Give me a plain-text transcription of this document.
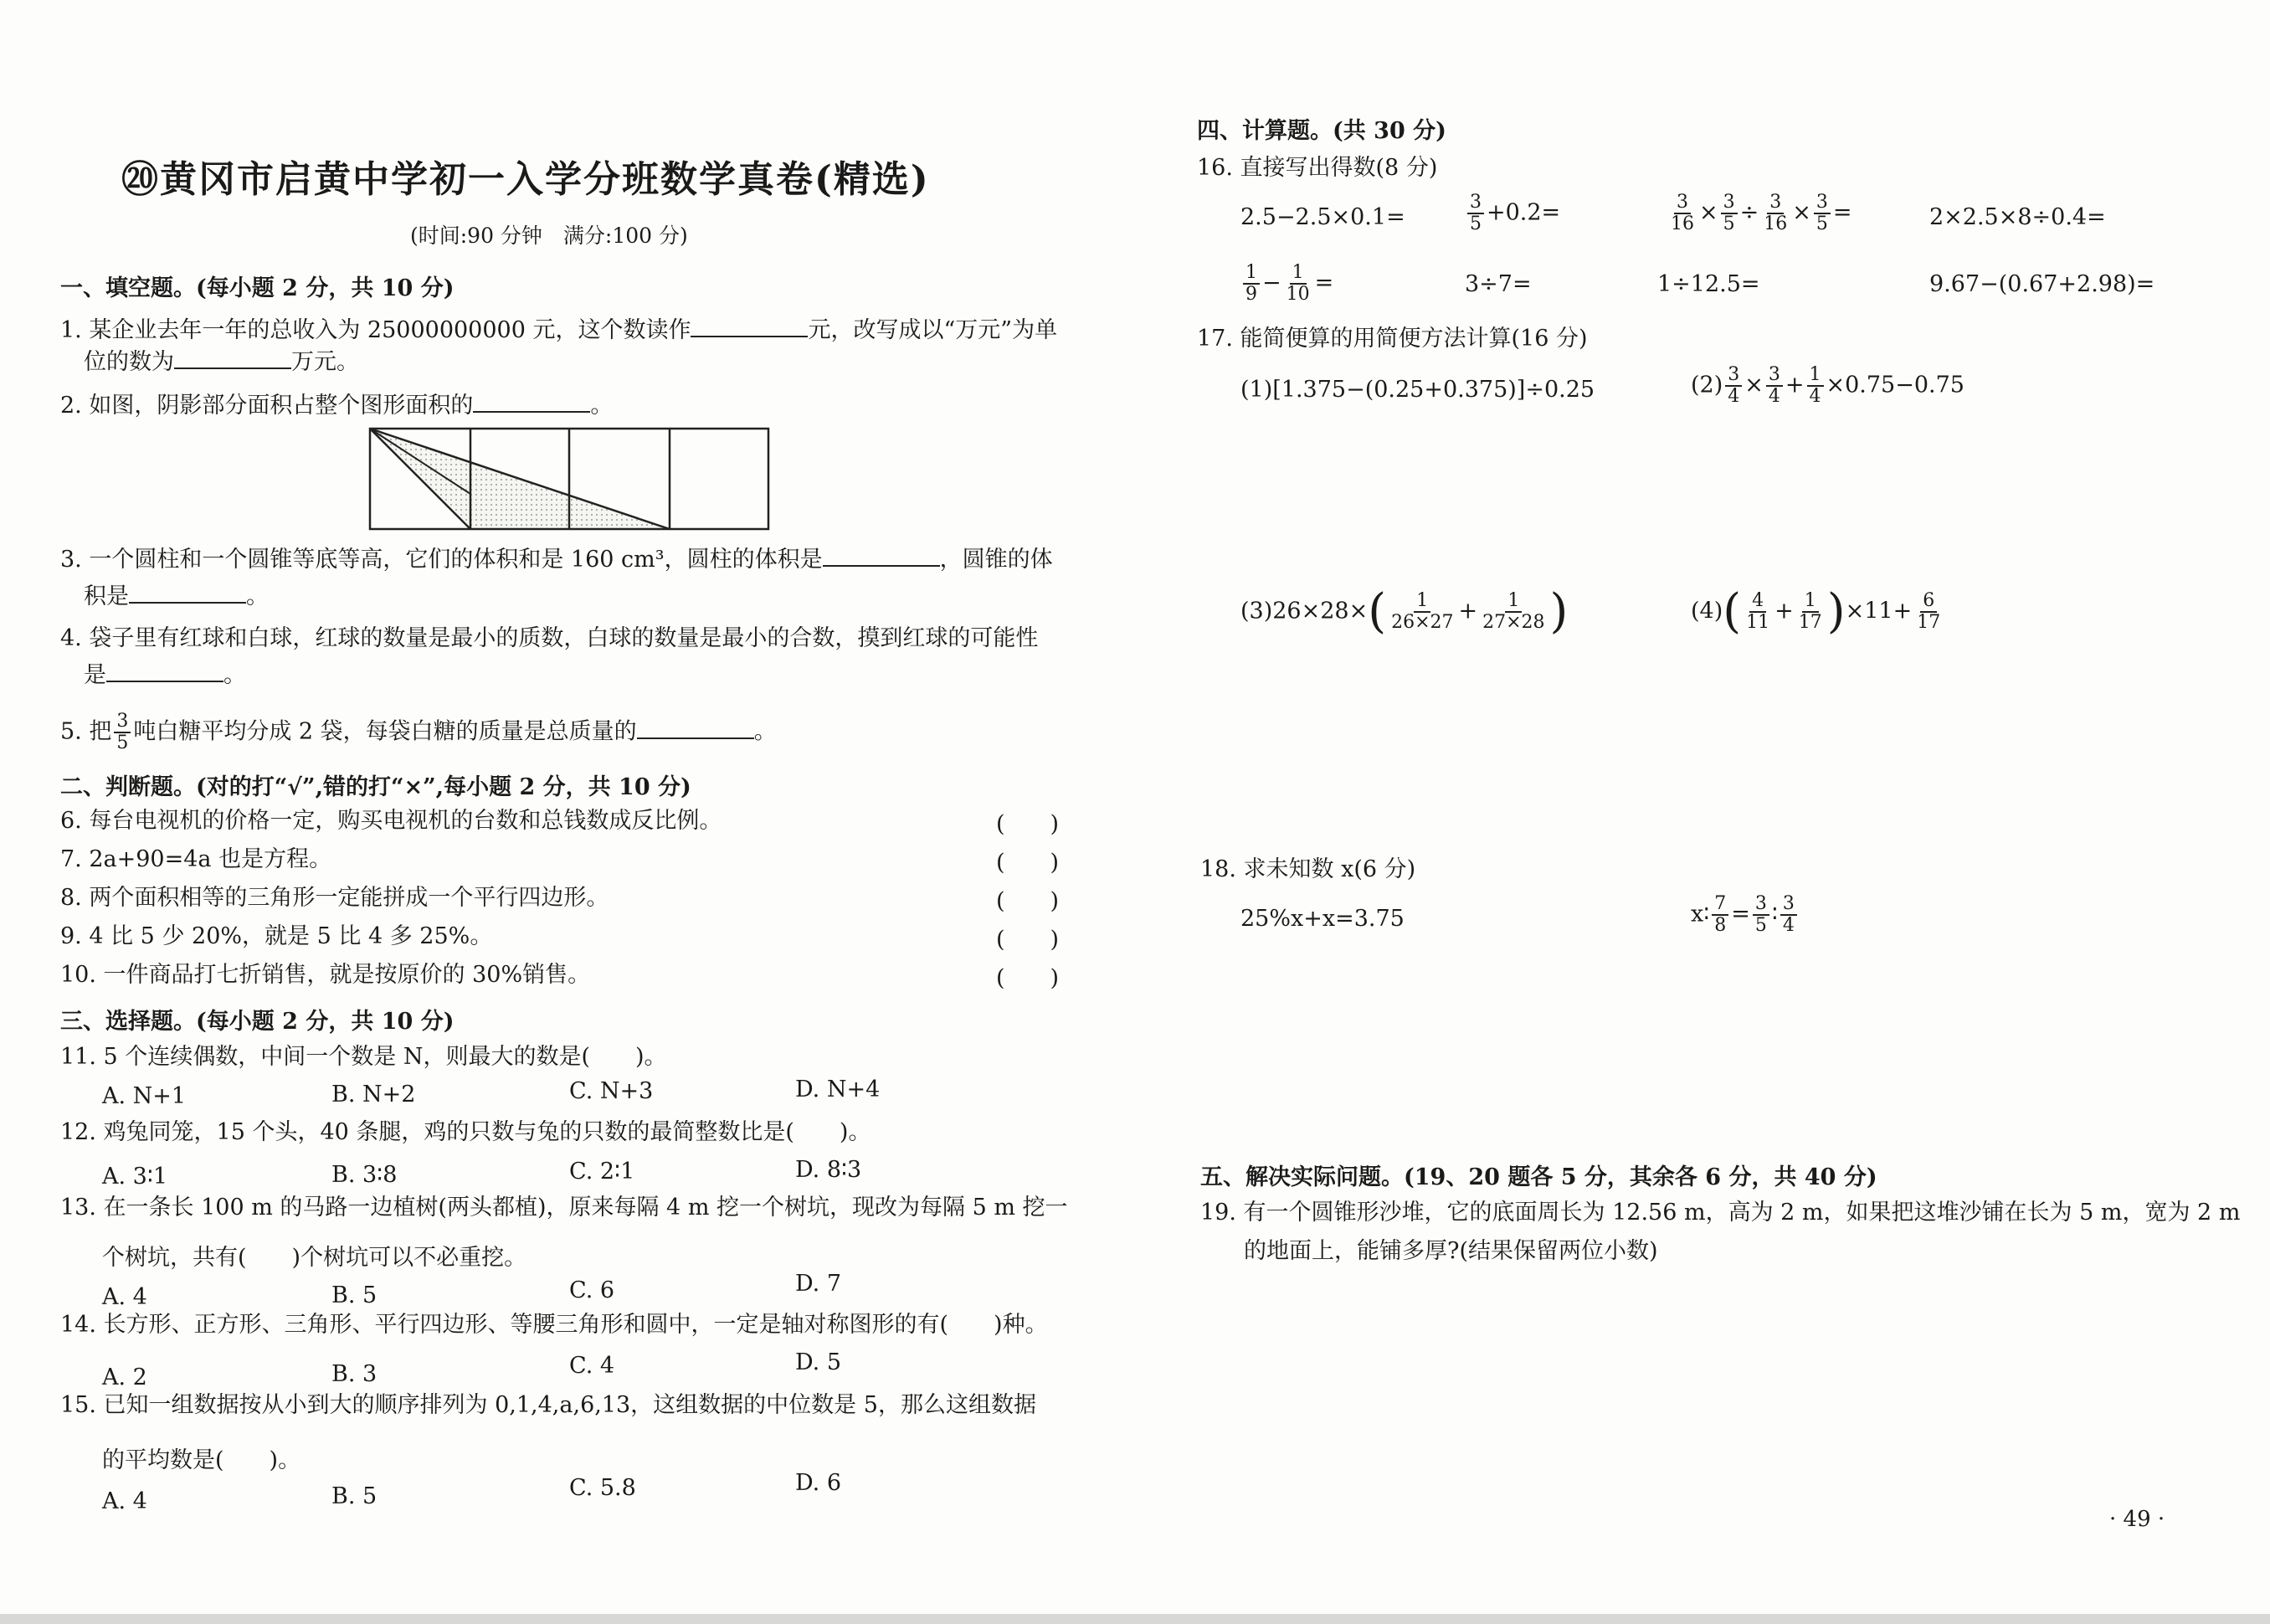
⑳黄冈市启黄中学初一入学分班数学真卷(精选)
(时间:90 分钟　满分:100 分)
一、填空题。(每小题 2 分，共 10 分)
1. 某企业去年一年的总收入为 25000000000 元，这个数读作	元，改写成以“万元”为单
位的数为	万元。
2. 如图，阴影部分面积占整个图形面积的	。
3. 一个圆柱和一个圆锥等底等高，它们的体积和是 160 cm³，圆柱的体积是	，圆锥的体
积是	。
4. 袋子里有红球和白球，红球的数量是最小的质数，白球的数量是最小的合数，摸到红球的可能性
是	。
5. 把 $\frac{3}{5}$ 吨白糖平均分成 2 袋，每袋白糖的质量是总质量的	。
二、判断题。(对的打“√”,错的打“×”,每小题 2 分，共 10 分)
6. 每台电视机的价格一定，购买电视机的台数和总钱数成反比例。	(　　)
7. 2a+90=4a 也是方程。	(　　)
8. 两个面积相等的三角形一定能拼成一个平行四边形。	(　　)
9. 4 比 5 少 20%，就是 5 比 4 多 25%。	(　　)
10. 一件商品打七折销售，就是按原价的 30%销售。	(　　)
三、选择题。(每小题 2 分，共 10 分)
11. 5 个连续偶数，中间一个数是 N，则最大的数是(　　)。
A. N+1	B. N+2	C. N+3	D. N+4
12. 鸡兔同笼，15 个头，40 条腿，鸡的只数与兔的只数的最简整数比是(　　)。
A. 3∶1	B. 3∶8	C. 2∶1	D. 8∶3
13. 在一条长 100 m 的马路一边植树(两头都植)，原来每隔 4 m 挖一个树坑，现改为每隔 5 m 挖一
个树坑，共有(　　)个树坑可以不必重挖。
A. 4	B. 5	C. 6	D. 7
14. 长方形、正方形、三角形、平行四边形、等腰三角形和圆中，一定是轴对称图形的有(　　)种。
A. 2	B. 3	C. 4	D. 5
15. 已知一组数据按从小到大的顺序排列为 0,1,4,a,6,13，这组数据的中位数是 5，那么这组数据
的平均数是(　　)。
A. 4	B. 5	C. 5.8	D. 6
四、计算题。(共 30 分)
16. 直接写出得数(8 分)
2.5−2.5×0.1=	$\frac{3}{5} +0.2=$	$\frac{3}{16} \times \frac{3}{5} \div \frac{3}{16} \times \frac{3}{5}$ =	2×2.5×8÷0.4=
$\frac{1}{9} - \frac{1}{10}$ =	3÷7=	1÷12.5=	9.67−(0.67+2.98)=
17. 能简便算的用简便方法计算(16 分)
(1)[1.375−(0.25+0.375)]÷0.25	$(2) \frac{3}{4} \times \frac{3}{4} + \frac{1}{4} \times 0.75-0.75$
$(3)26\times 28\times( \frac{1}{26\times 27} + \frac{1}{27\times 28}$ )	$(4)( \frac{4}{11} + \frac{1}{17} )\times 11+ \frac{6}{17}$
18. 求未知数 x(6 分)
25%x+x=3.75	x∶ $\frac{7}{8} = \frac{3}{5}$ ∶ $\frac{3}{4}$
五、解决实际问题。(19、20 题各 5 分，其余各 6 分，共 40 分)
19. 有一个圆锥形沙堆，它的底面周长为 12.56 m，高为 2 m，如果把这堆沙铺在长为 5 m，宽为 2 m
的地面上，能铺多厚?(结果保留两位小数)
· 49 ·
